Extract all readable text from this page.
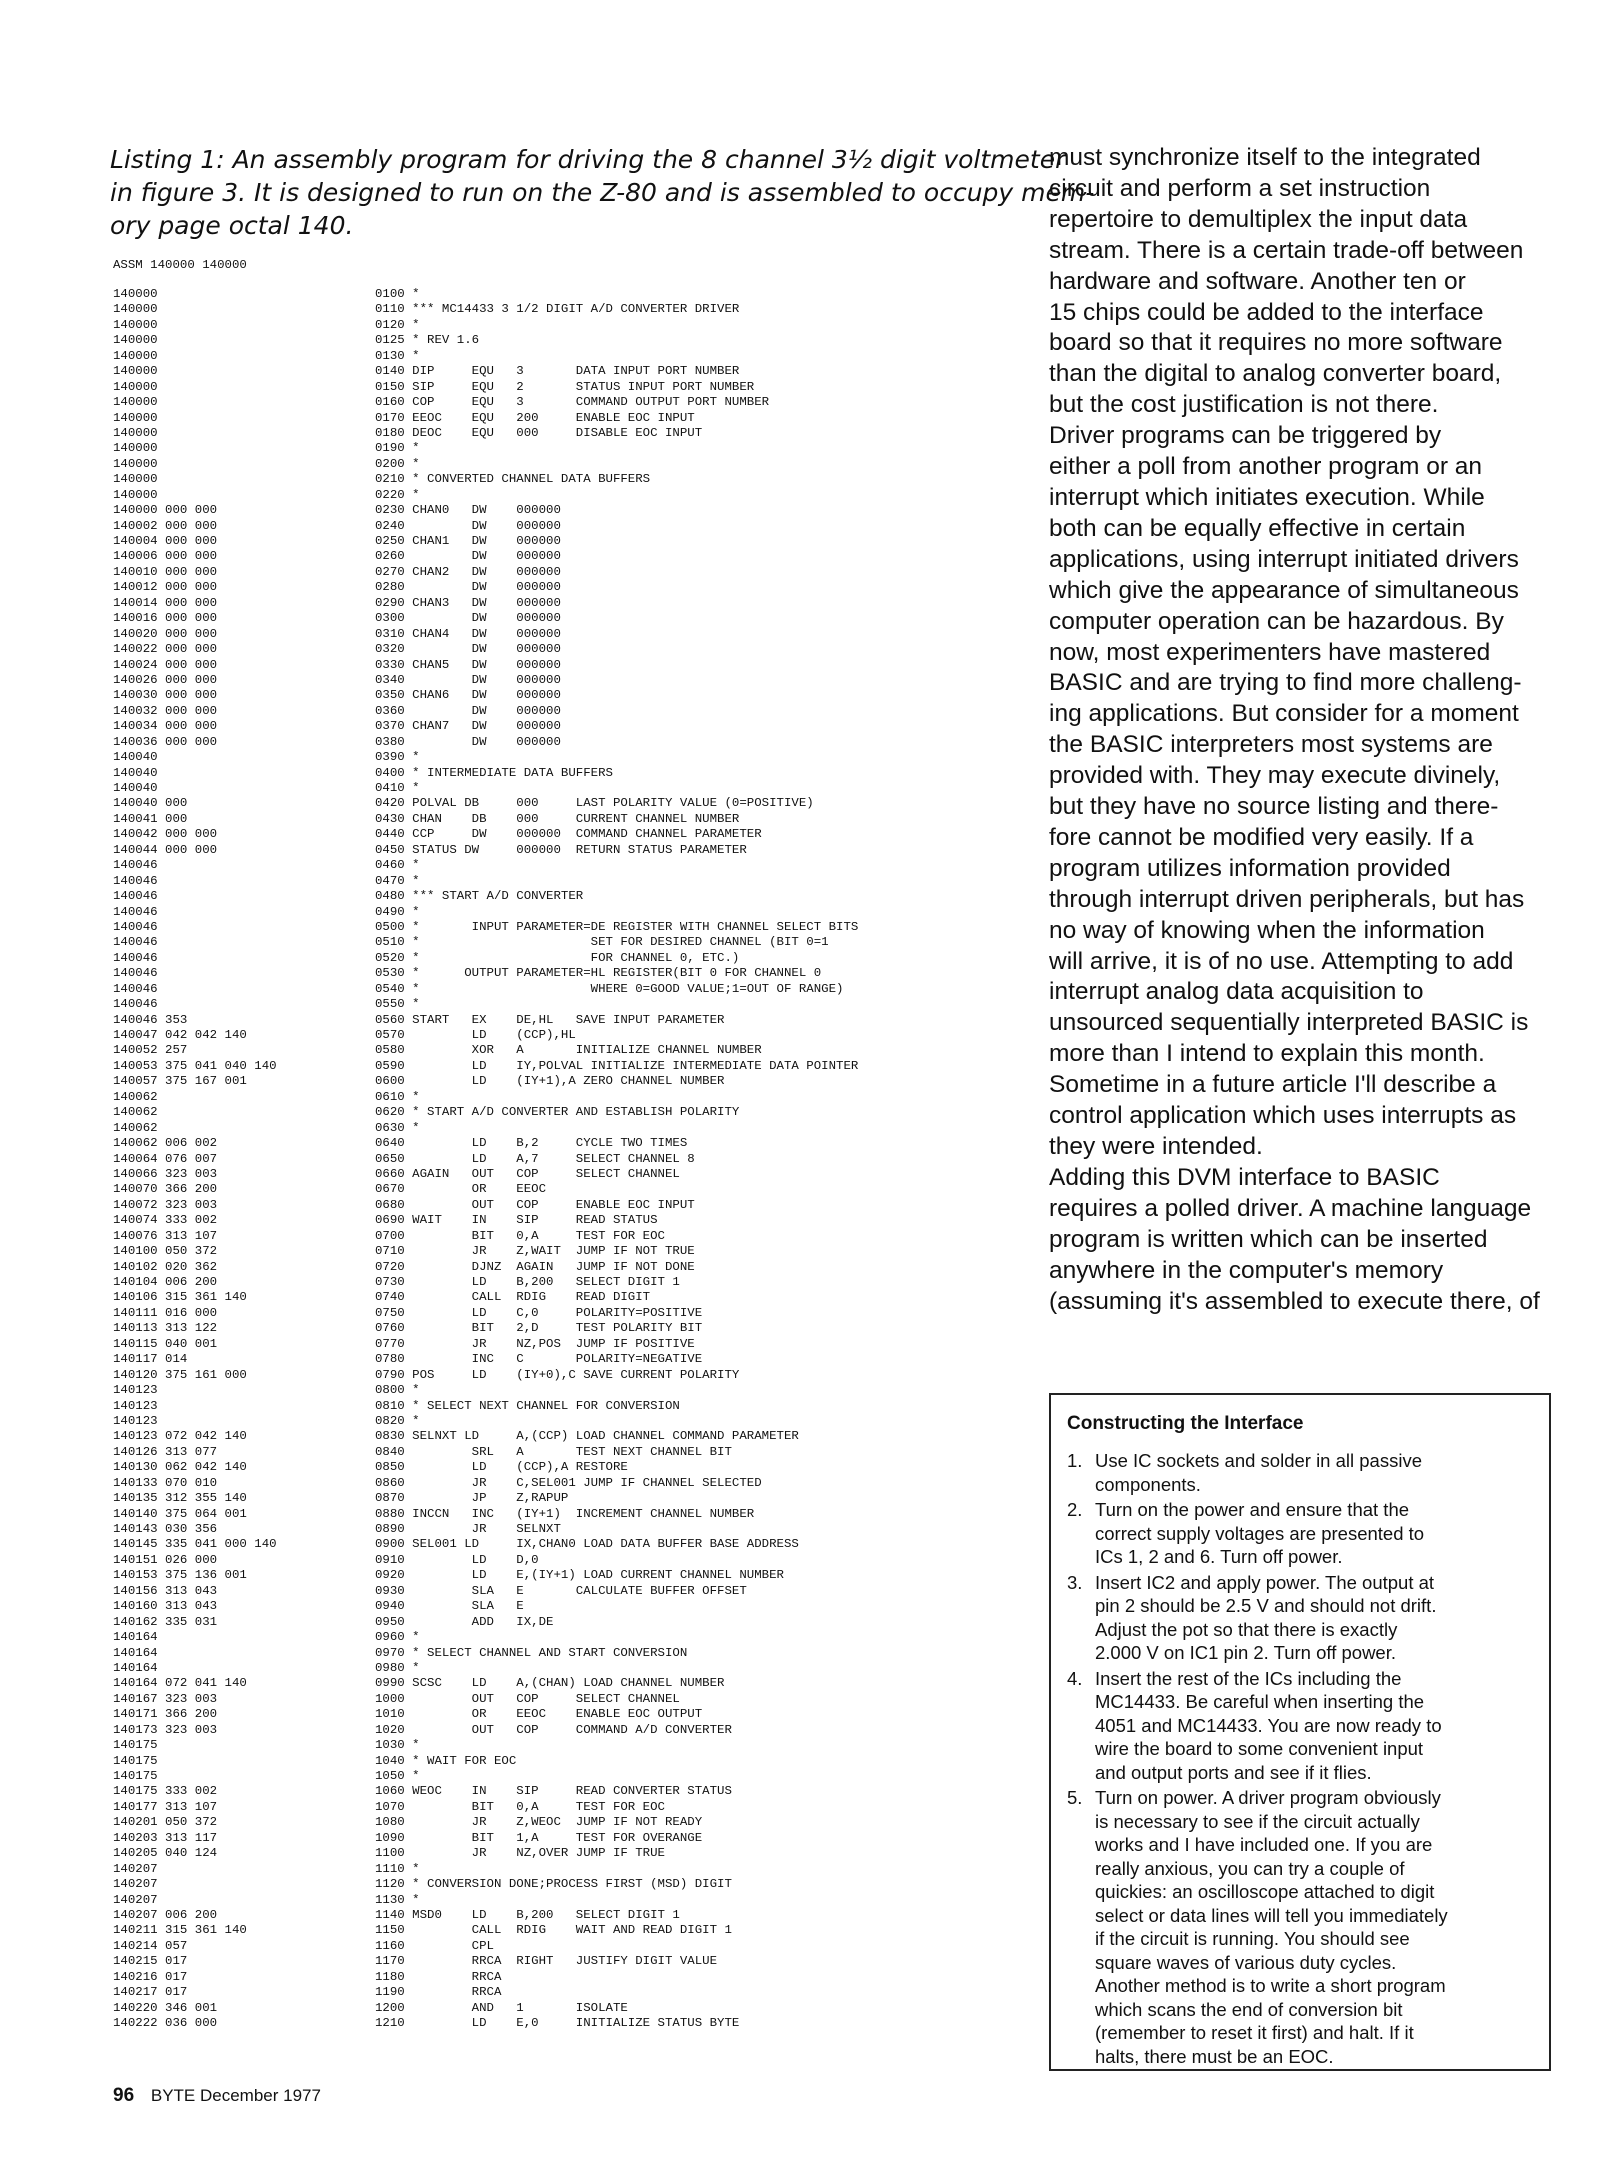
Listing 1: An assembly program for driving the 8 channel 3½ digit voltmeter
in figure 3. It is designed to run on the Z-80 and is assembled to occupy mem-
ory page octal 140.
ASSM 140000 140000
140000	0100 *
140000	0110 *** MC14433 3 1/2 DIGIT A/D CONVERTER DRIVER
140000	0120 *
140000	0125 * REV 1.6
140000	0130 *
140000	0140 DIP     EQU   3       DATA INPUT PORT NUMBER
140000	0150 SIP     EQU   2       STATUS INPUT PORT NUMBER
140000	0160 COP     EQU   3       COMMAND OUTPUT PORT NUMBER
140000	0170 EEOC    EQU   200     ENABLE EOC INPUT
140000	0180 DEOC    EQU   000     DISABLE EOC INPUT
140000	0190 *
140000	0200 *
140000	0210 * CONVERTED CHANNEL DATA BUFFERS
140000	0220 *
140000 000 000	0230 CHAN0   DW    000000
140002 000 000	0240         DW    000000
140004 000 000	0250 CHAN1   DW    000000
140006 000 000	0260         DW    000000
140010 000 000	0270 CHAN2   DW    000000
140012 000 000	0280         DW    000000
140014 000 000	0290 CHAN3   DW    000000
140016 000 000	0300         DW    000000
140020 000 000	0310 CHAN4   DW    000000
140022 000 000	0320         DW    000000
140024 000 000	0330 CHAN5   DW    000000
140026 000 000	0340         DW    000000
140030 000 000	0350 CHAN6   DW    000000
140032 000 000	0360         DW    000000
140034 000 000	0370 CHAN7   DW    000000
140036 000 000	0380         DW    000000
140040	0390 *
140040	0400 * INTERMEDIATE DATA BUFFERS
140040	0410 *
140040 000	0420 POLVAL DB     000     LAST POLARITY VALUE (0=POSITIVE)
140041 000	0430 CHAN    DB    000     CURRENT CHANNEL NUMBER
140042 000 000	0440 CCP     DW    000000  COMMAND CHANNEL PARAMETER
140044 000 000	0450 STATUS DW     000000  RETURN STATUS PARAMETER
140046	0460 *
140046	0470 *
140046	0480 *** START A/D CONVERTER
140046	0490 *
140046	0500 *       INPUT PARAMETER=DE REGISTER WITH CHANNEL SELECT BITS
140046	0510 *                       SET FOR DESIRED CHANNEL (BIT 0=1
140046	0520 *                       FOR CHANNEL 0, ETC.)
140046	0530 *      OUTPUT PARAMETER=HL REGISTER(BIT 0 FOR CHANNEL 0
140046	0540 *                       WHERE 0=GOOD VALUE;1=OUT OF RANGE)
140046	0550 *
140046 353	0560 START   EX    DE,HL   SAVE INPUT PARAMETER
140047 042 042 140	0570         LD    (CCP),HL
140052 257	0580         XOR   A       INITIALIZE CHANNEL NUMBER
140053 375 041 040 140	0590         LD    IY,POLVAL INITIALIZE INTERMEDIATE DATA POINTER
140057 375 167 001	0600         LD    (IY+1),A ZERO CHANNEL NUMBER
140062	0610 *
140062	0620 * START A/D CONVERTER AND ESTABLISH POLARITY
140062	0630 *
140062 006 002	0640         LD    B,2     CYCLE TWO TIMES
140064 076 007	0650         LD    A,7     SELECT CHANNEL 8
140066 323 003	0660 AGAIN   OUT   COP     SELECT CHANNEL
140070 366 200	0670         OR    EEOC
140072 323 003	0680         OUT   COP     ENABLE EOC INPUT
140074 333 002	0690 WAIT    IN    SIP     READ STATUS
140076 313 107	0700         BIT   0,A     TEST FOR EOC
140100 050 372	0710         JR    Z,WAIT  JUMP IF NOT TRUE
140102 020 362	0720         DJNZ  AGAIN   JUMP IF NOT DONE
140104 006 200	0730         LD    B,200   SELECT DIGIT 1
140106 315 361 140	0740         CALL  RDIG    READ DIGIT
140111 016 000	0750         LD    C,0     POLARITY=POSITIVE
140113 313 122	0760         BIT   2,D     TEST POLARITY BIT
140115 040 001	0770         JR    NZ,POS  JUMP IF POSITIVE
140117 014	0780         INC   C       POLARITY=NEGATIVE
140120 375 161 000	0790 POS     LD    (IY+0),C SAVE CURRENT POLARITY
140123	0800 *
140123	0810 * SELECT NEXT CHANNEL FOR CONVERSION
140123	0820 *
140123 072 042 140	0830 SELNXT LD     A,(CCP) LOAD CHANNEL COMMAND PARAMETER
140126 313 077	0840         SRL   A       TEST NEXT CHANNEL BIT
140130 062 042 140	0850         LD    (CCP),A RESTORE
140133 070 010	0860         JR    C,SEL001 JUMP IF CHANNEL SELECTED
140135 312 355 140	0870         JP    Z,RAPUP
140140 375 064 001	0880 INCCN   INC   (IY+1)  INCREMENT CHANNEL NUMBER
140143 030 356	0890         JR    SELNXT
140145 335 041 000 140	0900 SEL001 LD     IX,CHAN0 LOAD DATA BUFFER BASE ADDRESS
140151 026 000	0910         LD    D,0
140153 375 136 001	0920         LD    E,(IY+1) LOAD CURRENT CHANNEL NUMBER
140156 313 043	0930         SLA   E       CALCULATE BUFFER OFFSET
140160 313 043	0940         SLA   E
140162 335 031	0950         ADD   IX,DE
140164	0960 *
140164	0970 * SELECT CHANNEL AND START CONVERSION
140164	0980 *
140164 072 041 140	0990 SCSC    LD    A,(CHAN) LOAD CHANNEL NUMBER
140167 323 003	1000         OUT   COP     SELECT CHANNEL
140171 366 200	1010         OR    EEOC    ENABLE EOC OUTPUT
140173 323 003	1020         OUT   COP     COMMAND A/D CONVERTER
140175	1030 *
140175	1040 * WAIT FOR EOC
140175	1050 *
140175 333 002	1060 WEOC    IN    SIP     READ CONVERTER STATUS
140177 313 107	1070         BIT   0,A     TEST FOR EOC
140201 050 372	1080         JR    Z,WEOC  JUMP IF NOT READY
140203 313 117	1090         BIT   1,A     TEST FOR OVERANGE
140205 040 124	1100         JR    NZ,OVER JUMP IF TRUE
140207	1110 *
140207	1120 * CONVERSION DONE;PROCESS FIRST (MSD) DIGIT
140207	1130 *
140207 006 200	1140 MSD0    LD    B,200   SELECT DIGIT 1
140211 315 361 140	1150         CALL  RDIG    WAIT AND READ DIGIT 1
140214 057	1160         CPL
140215 017	1170         RRCA  RIGHT   JUSTIFY DIGIT VALUE
140216 017	1180         RRCA
140217 017	1190         RRCA
140220 346 001	1200         AND   1       ISOLATE
140222 036 000	1210         LD    E,0     INITIALIZE STATUS BYTE
must synchronize itself to the integrated
circuit and perform a set instruction
repertoire to demultiplex the input data
stream. There is a certain trade-off between
hardware and software. Another ten or
15 chips could be added to the interface
board so that it requires no more software
than the digital to analog converter board,
but the cost justification is not there.
Driver programs can be triggered by
either a poll from another program or an
interrupt which initiates execution. While
both can be equally effective in certain
applications, using interrupt initiated drivers
which give the appearance of simultaneous
computer operation can be hazardous. By
now, most experimenters have mastered
BASIC and are trying to find more challeng-
ing applications. But consider for a moment
the BASIC interpreters most systems are
provided with. They may execute divinely,
but they have no source listing and there-
fore cannot be modified very easily. If a
program utilizes information provided
through interrupt driven peripherals, but has
no way of knowing when the information
will arrive, it is of no use. Attempting to add
interrupt analog data acquisition to
unsourced sequentially interpreted BASIC is
more than I intend to explain this month.
Sometime in a future article I'll describe a
control application which uses interrupts as
they were intended.
Adding this DVM interface to BASIC
requires a polled driver. A machine language
program is written which can be inserted
anywhere in the computer's memory
(assuming it's assembled to execute there, of
Constructing the Interface
1. Use IC sockets and solder in all passive
components.
2. Turn on the power and ensure that the
correct supply voltages are presented to
ICs 1, 2 and 6. Turn off power.
3. Insert IC2 and apply power. The output at
pin 2 should be 2.5 V and should not drift.
Adjust the pot so that there is exactly
2.000 V on IC1 pin 2. Turn off power.
4. Insert the rest of the ICs including the
MC14433. Be careful when inserting the
4051 and MC14433. You are now ready to
wire the board to some convenient input
and output ports and see if it flies.
5. Turn on power. A driver program obviously
is necessary to see if the circuit actually
works and I have included one. If you are
really anxious, you can try a couple of
quickies: an oscilloscope attached to digit
select or data lines will tell you immediately
if the circuit is running. You should see
square waves of various duty cycles.
Another method is to write a short program
which scans the end of conversion bit
(remember to reset it first) and halt. If it
halts, there must be an EOC.
96 BYTE December 1977
